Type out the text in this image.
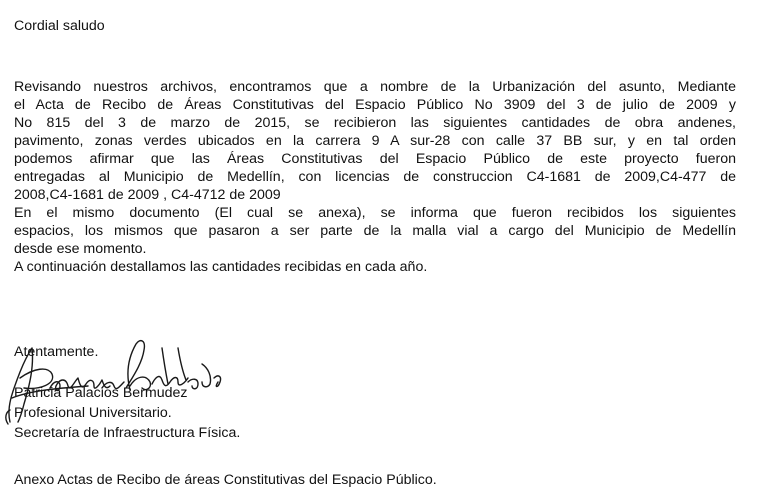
Cordial saludo
Revisando nuestros archivos, encontramos que a nombre de la Urbanización del asunto, Mediante
el Acta de Recibo de Áreas Constitutivas del Espacio Público No 3909 del 3 de julio de 2009 y
No 815 del 3 de marzo de 2015, se recibieron las siguientes cantidades de obra andenes,
pavimento, zonas verdes ubicados en la carrera 9 A sur-28 con calle 37 BB sur, y en tal orden
podemos afirmar que las Áreas Constitutivas del Espacio Público de este proyecto fueron
entregadas al Municipio de Medellín, con licencias de construccion C4-1681 de 2009,C4-477 de
2008,C4-1681 de 2009 , C4-4712 de 2009
En el mismo documento (El cual se anexa), se informa que fueron recibidos los siguientes
espacios, los mismos que pasaron a ser parte de la malla vial a cargo del Municipio de Medellín
desde ese momento.
A continuación destallamos las cantidades recibidas en cada año.
Atentamente.
Patricia Palacios Bermudez
Profesional Universitario.
Secretaría de Infraestructura Física.
Anexo Actas de Recibo de áreas Constitutivas del Espacio Público.
